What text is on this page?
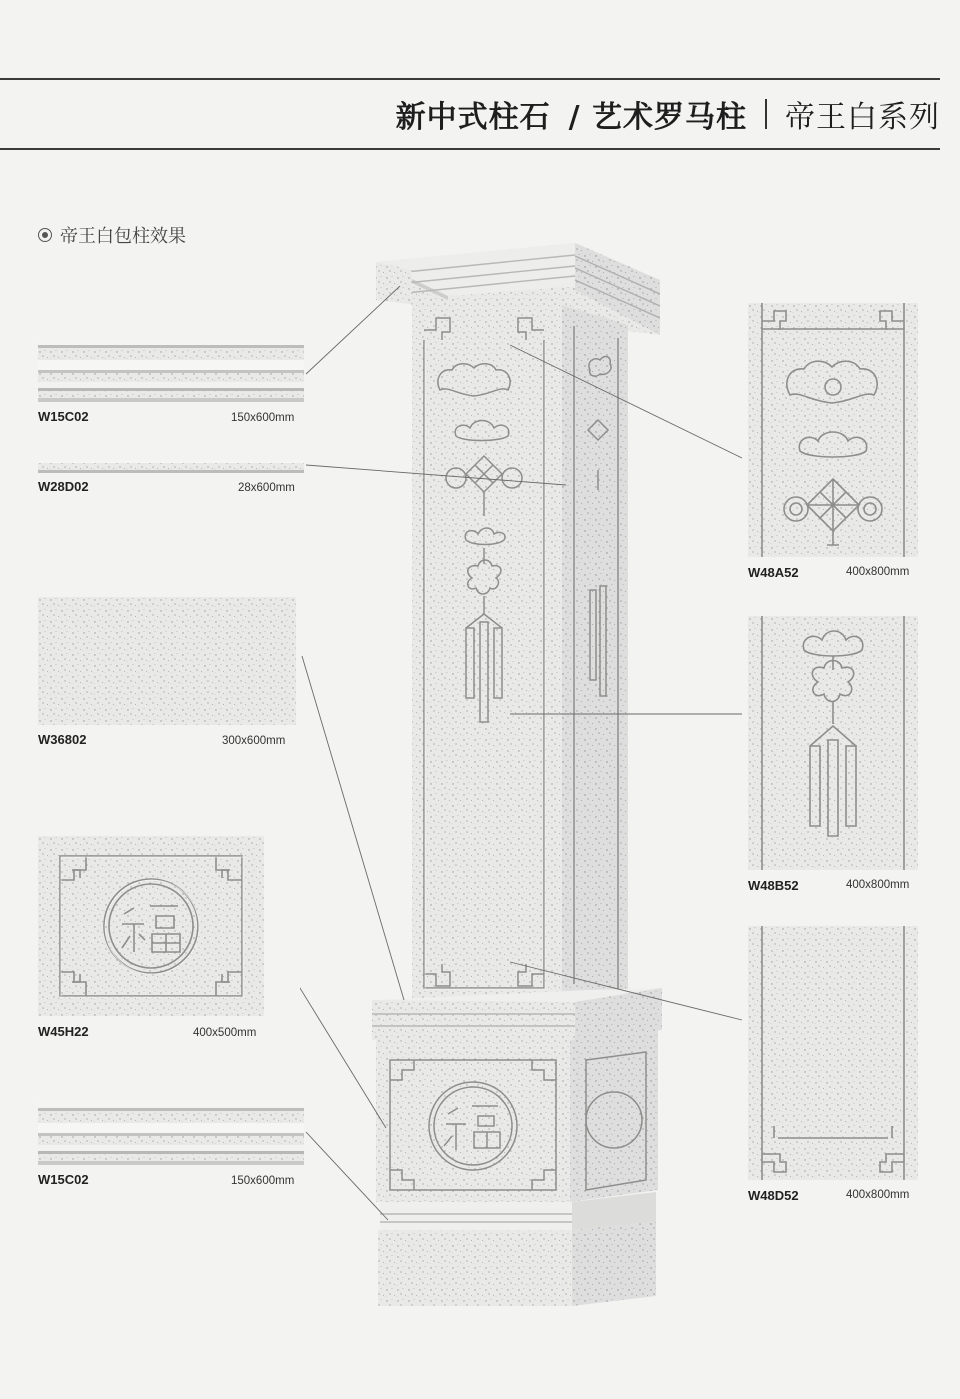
新中式柱石 / 艺术罗马柱 帝王白系列
帝王白包柱效果
W15C02	150x600mm
W28D02	28x600mm
W36802	300x600mm
W45H22	400x500mm
W15C02	150x600mm
W48A52	400x800mm
W48B52	400x800mm
W48D52	400x800mm
